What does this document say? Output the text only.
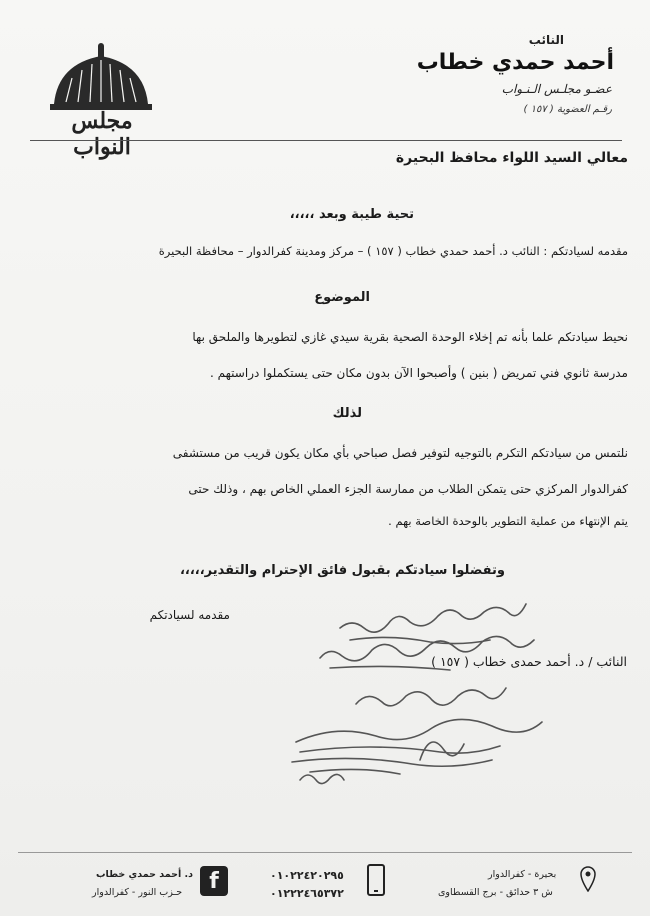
النائب
أحمد حمدي خطاب
عضـو مجلـس الـنـواب
رقـم العضوية ( ١٥٧ )
مجلس النواب	معالي السيد اللواء محافظ البحيرة
تحية طيبة وبعد ،،،،،
مقدمه لسيادتكم : النائب د. أحمد حمدي خطاب ( ١٥٧ ) – مركز ومدينة كفرالدوار – محافظة البحيرة
الموضوع
نحيط سيادتكم علما بأنه تم إخلاء الوحدة الصحية بقرية سيدي غازي لتطويرها والملحق بها
مدرسة ثانوي فني تمريض ( بنين ) وأصبحوا الآن بدون مكان حتى يستكملوا دراستهم .
لذلك
نلتمس من سيادتكم التكرم بالتوجيه لتوفير فصل صباحي بأي مكان يكون قريب من مستشفى
كفرالدوار المركزي حتى يتمكن الطلاب من ممارسة الجزء العملي الخاص بهم ، وذلك حتى
يتم الإنتهاء من عملية التطوير بالوحدة الخاصة بهم .
وتفضلوا سيادتكم بقبول فائق الإحترام والتقدير،،،،،
مقدمه لسيادتكم
النائب / د. أحمد حمدى خطاب ( ١٥٧ )
د. أحمد حمدي خطاب
حـزب النور - كفرالدوار	f	٠١٠٢٢٤٢٠٢٩٥
٠١٢٢٢٤٦٥٣٧٢
بحيرة - كفرالدوار
ش ٣ حدائق - برج القسطاوى
